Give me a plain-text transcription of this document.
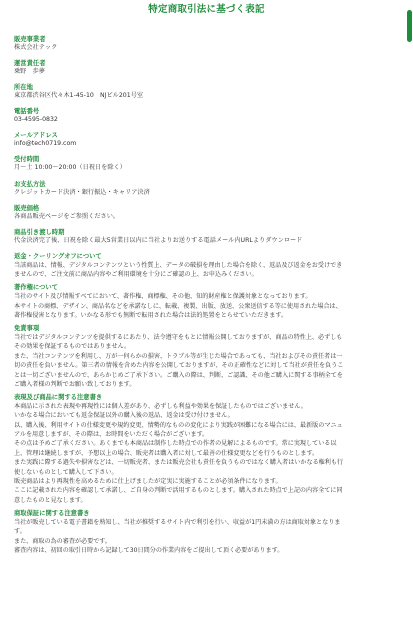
特定商取引法に基づく表記
販売事業者
株式会社テック
運営責任者
乗野　歩夢
所在地
東京都渋谷区代々木1-45-10　NJビル201号室
電話番号
03-4595-0832
メールアドレス
info@tech0719.com
受付時間
月〜土 10:00〜20:00（日祝日を除く）
お支払方法
クレジットカード決済・銀行振込・キャリア決済
販売価格
各商品販売ページをご参照ください。
商品引き渡し時期
代金決済完了後、日祝を除く最大5営業日以内に当社よりお送りする電話メール内URLよりダウンロード
返金・クーリングオフについて
当該商品は、情報、デジタルコンテンツという性質上、データの破損を理由した場合を除く、返品及び返金をお受けでき
ませんので、ご注文前に商品内容やご利用環境を十分にご確認の上、お申込みください。
著作権について
当社のサイト及び情報すべてにおいて、著作権、商標権、その他、知的財産権と保護対象となっております。
本サイトの商標、デザイン、商品名などを承諾なしに、転載、複製、出版、放送、公衆送信する等に使用された場合は、
著作権侵害となります。いかなる形でも無断で転用された場合は法的処置をとらせていただきます。
免責事項
当社ではデジタルコンテンツを提供するにあたり、法令遵守をもとに情報公開しておりますが、商品の特性上、必ずしも
その効果を保証するものではありません。
また、当社コンテンツを利用し、万が一何らかの損害、トラブル等が生じた場合であっても、当社およびその責任者は一
切の責任を負いません。第三者の情報を含めた内容を公開しておりますが、その正確性などに対して当社が責任を負うこ
とは一切ございませんので、あらかじめご了承下さい。ご購入の際は、判断、ご認識、その他ご購入に関する事柄全てを
ご購入者様の判断でお願い致しております。
表現及び商品に関する注意書き
本商品に示された表現や再現性には個人差があり、必ずしも利益や効果を保証したものではございません。
いかなる場合においても返金保証以外の購入後の返品、返金は受け付けません。
以、購入後、利用サイトの仕様変更や規約変更、情勢的なものの変化により実践が困難になる場合には、最新版のマニュ
アルを用意しますが、その際は、お時間をいただく場合がございます。
その点は予めご了承ください。あくまでも本商品は制作した時点での作者の見解によるものです。常に実現している以
上、管理は継続しますが、予想以上の場合、販売者は購入者に対して最善の仕様変更などを行うものとします。
また実践に際する過失や損害などは、一切販売者、または販売会社も責任を負うものではなく購入者はいかなる権利も行
使しないものとして購入して下さい。
販売商品はより再現性を高めるために仕上げましたが定実に実施することが必須条件になります。
ここに記載された内容を確認して承諾し、ご自身の判断で活用するものとします。購入された時点で上記の内容全てに同
意したものと見なします。
商取保証に関する注意書き
当社が販売している電子書籍を熟知し、当社が推奨するサイト内で利引を行い、収益が1円未満の方は商取対象となりま
す。
また、商取の為の審査が必要です。
審査内容は、初回の取引日時から記録して30日間分の作業内容をご提出して頂く必要があります。
